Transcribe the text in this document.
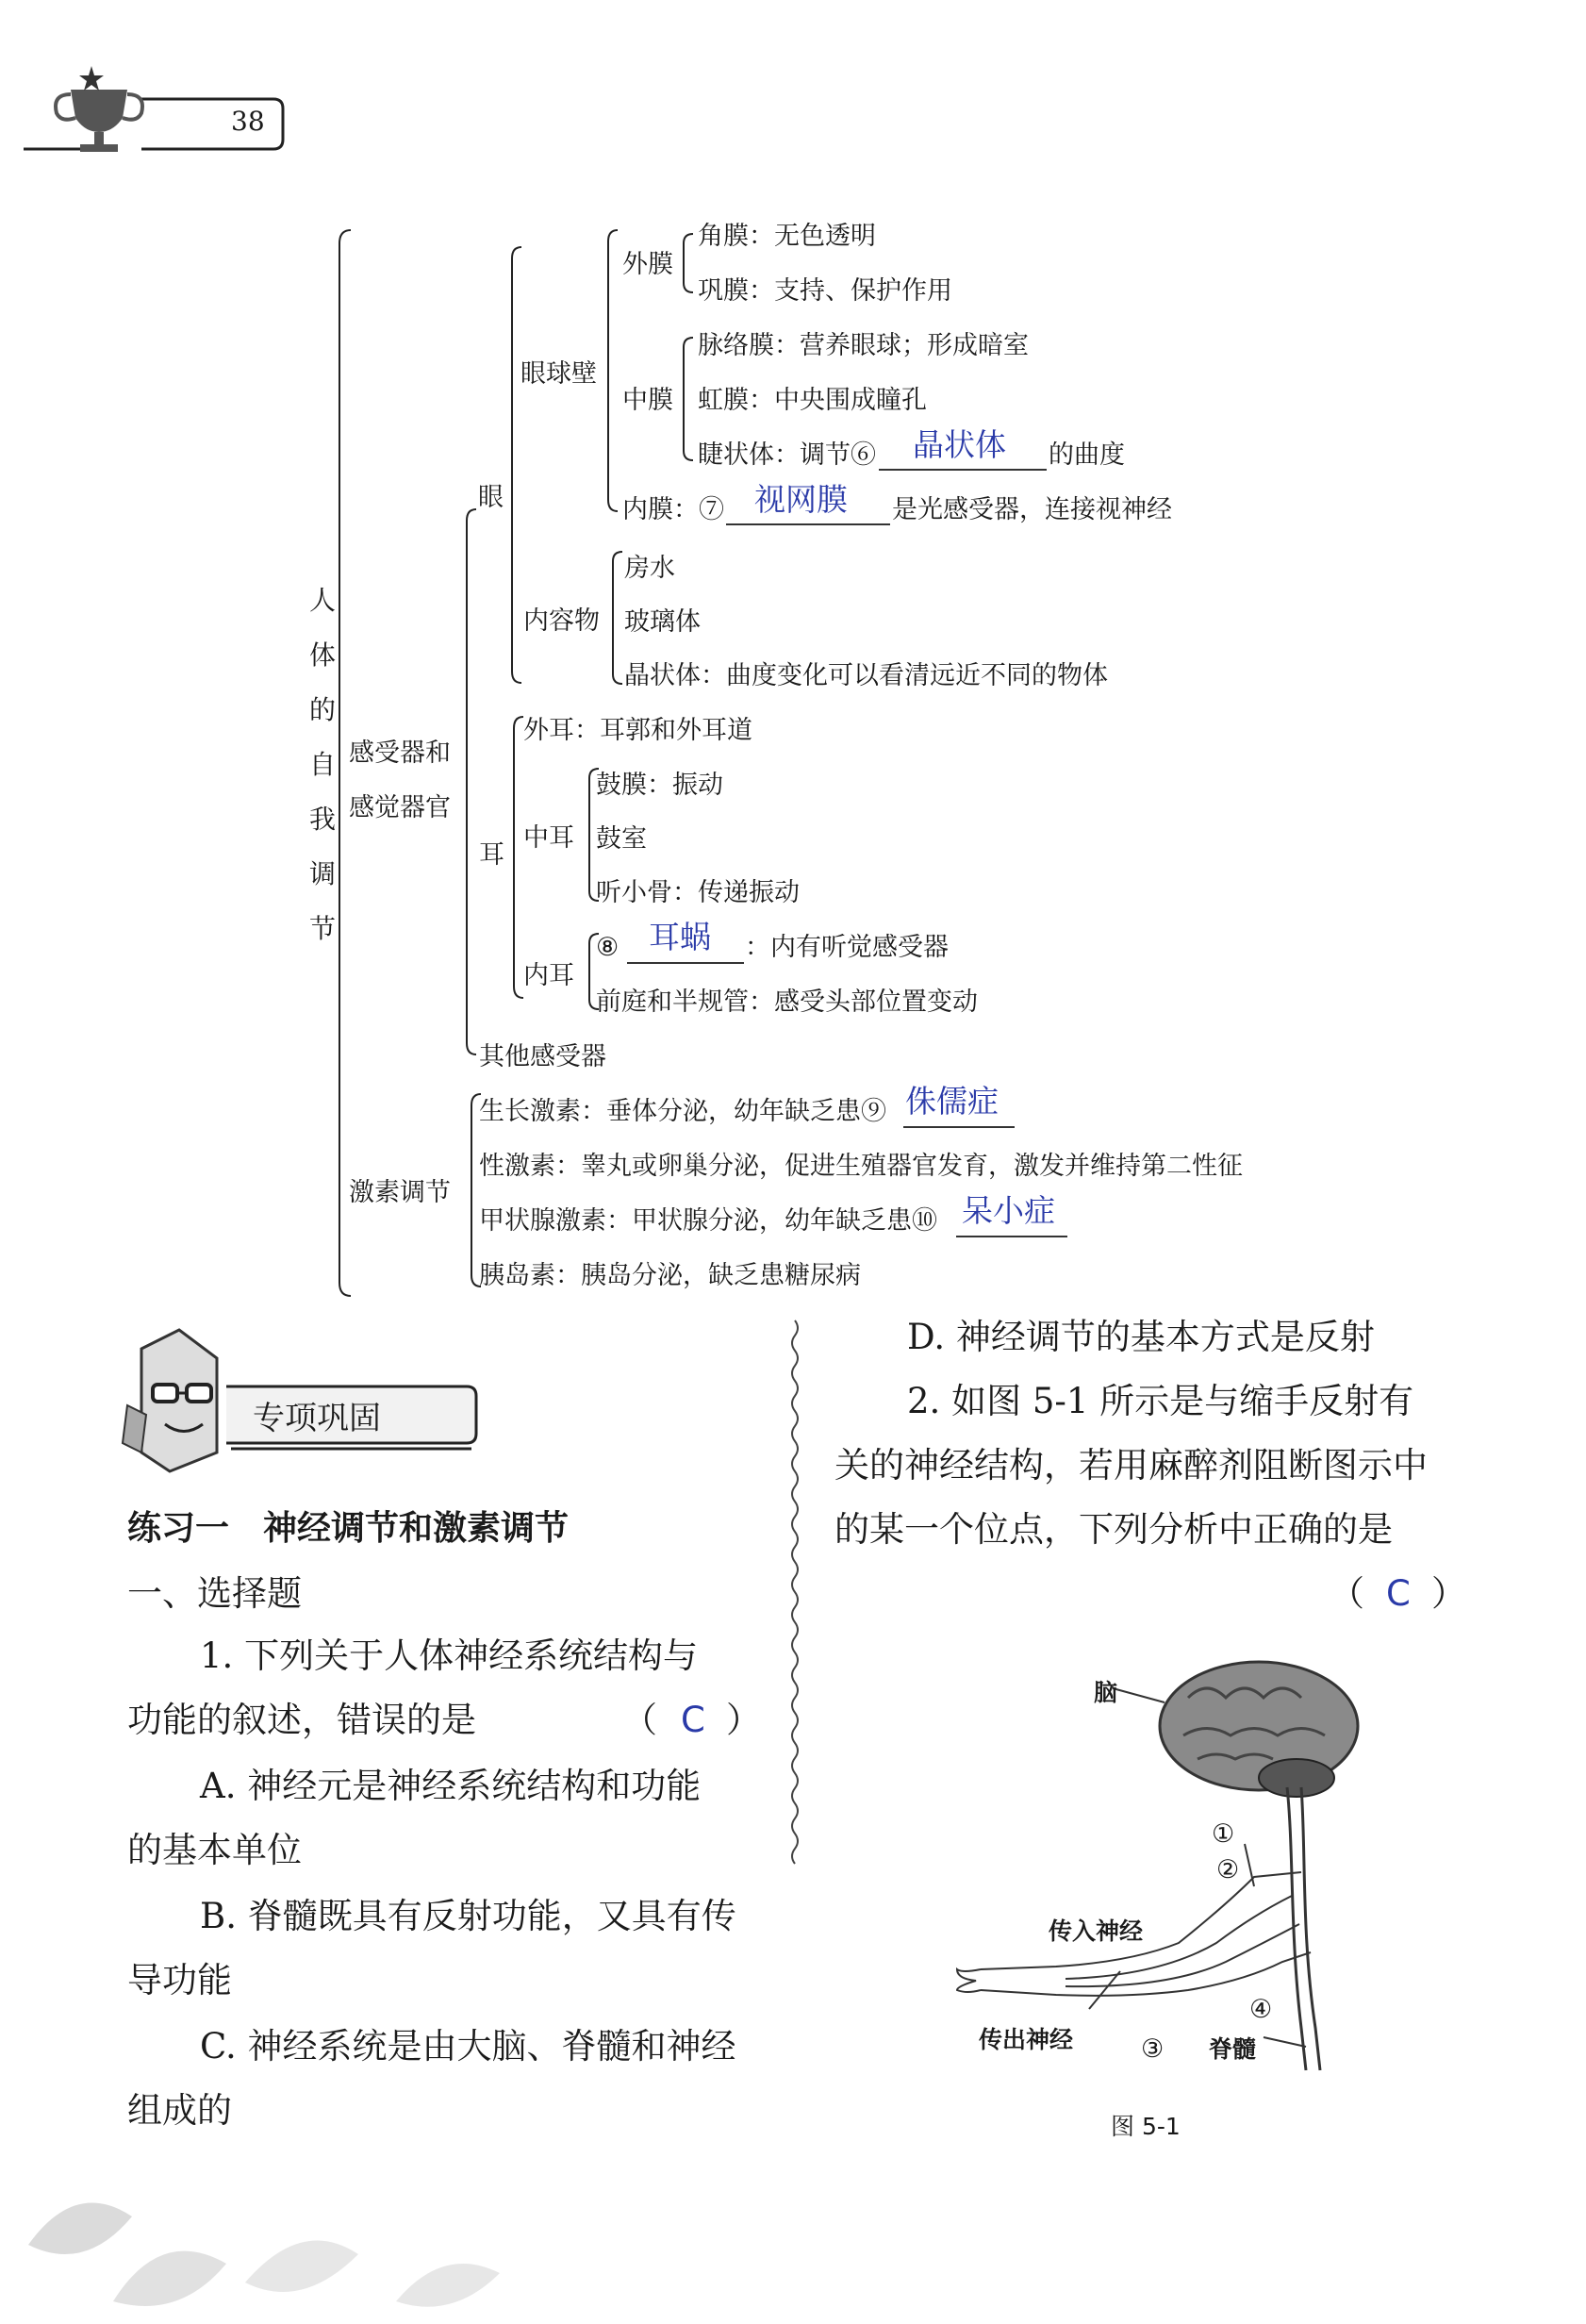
38
人
体
的
自
我
调
节
感受器和
感觉器官
激素调节
眼
眼球壁
外膜
角膜：无色透明
巩膜：支持、保护作用
中膜
脉络膜：营养眼球；形成暗室
虹膜：中央围成瞳孔
睫状体：调节⑥ 晶状体 的曲度
内膜：⑦ 视网膜 是光感受器，连接视神经
内容物
房水
玻璃体
晶状体：曲度变化可以看清远近不同的物体
耳
外耳：耳郭和外耳道
中耳
鼓膜：振动
鼓室
听小骨：传递振动
内耳
⑧ 耳蜗 ：内有听觉感受器
前庭和半规管：感受头部位置变动
其他感受器
生长激素：垂体分泌，幼年缺乏患⑨ 侏儒症
性激素：睾丸或卵巢分泌，促进生殖器官发育，激发并维持第二性征
甲状腺激素：甲状腺分泌，幼年缺乏患⑩ 呆小症
胰岛素：胰岛分泌，缺乏患糖尿病
专项巩固
练习一　神经调节和激素调节
一、选择题
1. 下列关于人体神经系统结构与
功能的叙述，错误的是	（ C ）
A. 神经元是神经系统结构和功能
的基本单位
B. 脊髓既具有反射功能，又具有传
导功能
C. 神经系统是由大脑、脊髓和神经
组成的
D. 神经调节的基本方式是反射
2. 如图 5-1 所示是与缩手反射有
关的神经结构，若用麻醉剂阻断图示中
的某一个位点，下列分析中正确的是
（ C ）
脑
传入神经
传出神经	脊髓
①
②
③
④
图 5-1
